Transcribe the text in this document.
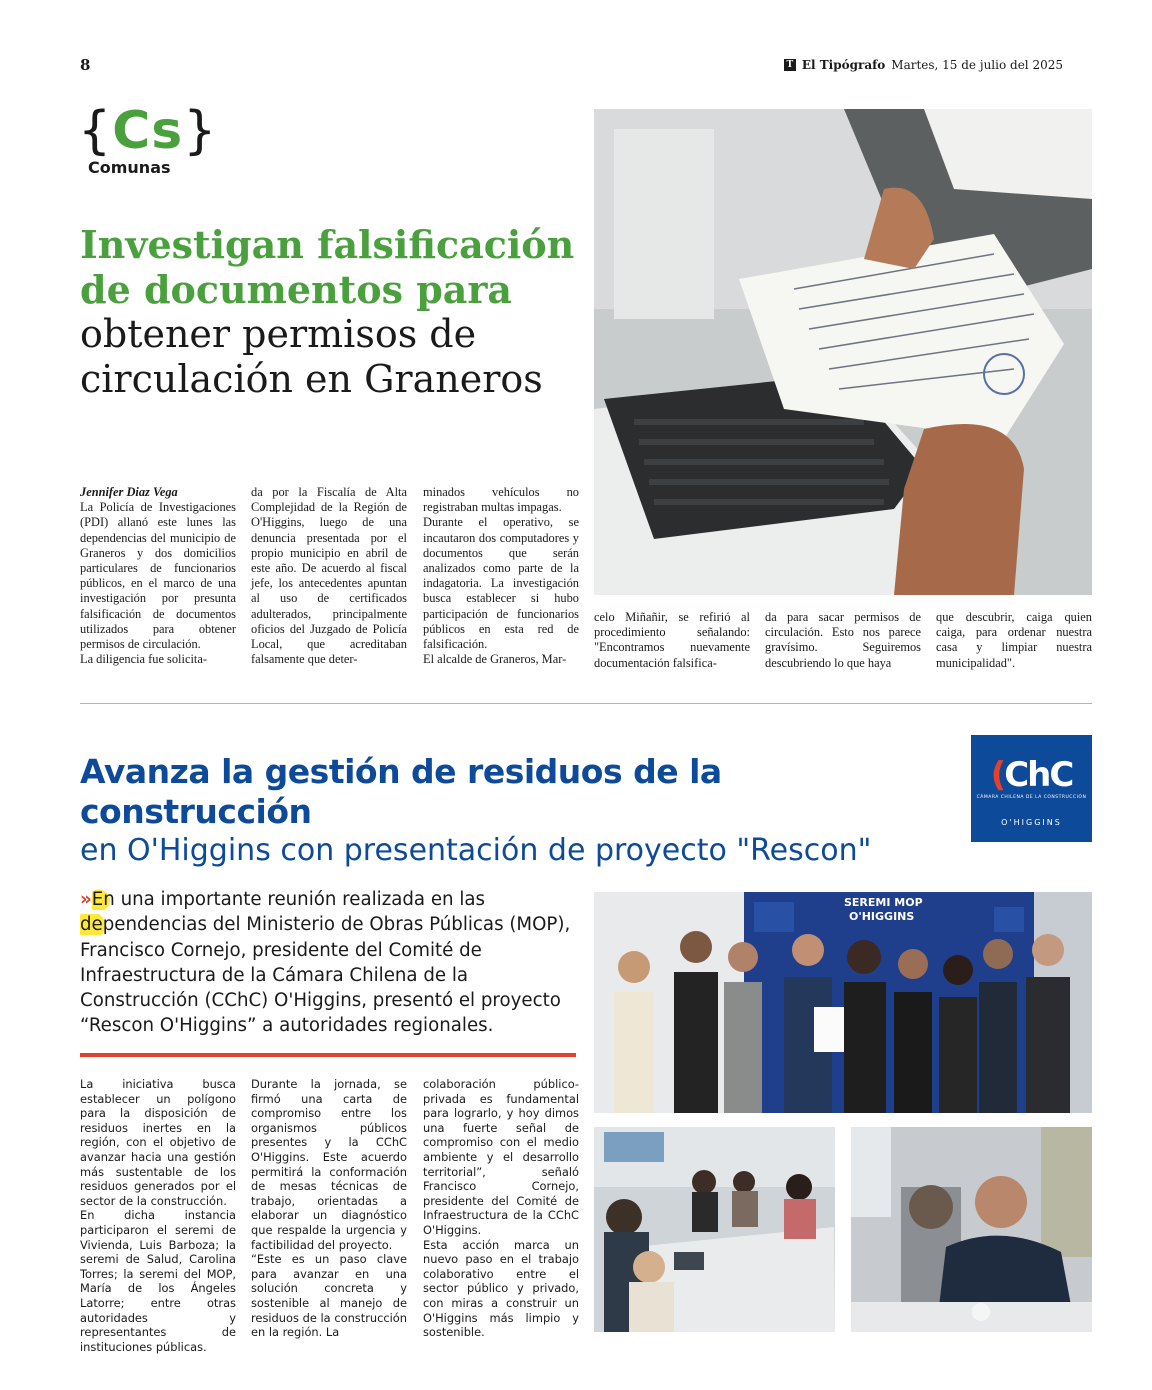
8	T El Tipógrafo Martes, 15 de julio del 2025
{Cs}
Comunas
Investigan falsificación
de documentos para
obtener permisos de
circulación en Graneros
Jennifer Diaz Vega
La Policía de Investigaciones (PDI) allanó este lunes las dependencias del municipio de Graneros y dos domicilios particulares de funcionarios públicos, en el marco de una investigación por presunta falsificación de documentos utilizados para obtener permisos de circulación.
La diligencia fue solicita-
da por la Fiscalía de Alta Complejidad de la Región de O'Higgins, luego de una denuncia presentada por el propio municipio en abril de este año. De acuerdo al fiscal jefe, los antecedentes apuntan al uso de certificados adulterados, principalmente oficios del Juzgado de Policía Local, que acreditaban falsamente que deter-
minados vehículos no registraban multas impagas.
Durante el operativo, se incautaron dos computadores y documentos que serán analizados como parte de la indagatoria. La investigación busca establecer si hubo participación de funcionarios públicos en esta red de falsificación.
El alcalde de Graneros, Mar-
celo Miñañir, se refirió al procedimiento señalando: "Encontramos nuevamente documentación falsifica-
da para sacar permisos de circulación. Esto nos parece gravísimo. Seguiremos descubriendo lo que haya
que descubrir, caiga quien caiga, para ordenar nuestra casa y limpiar nuestra municipalidad".
Avanza la gestión de residuos de la construcción
en O'Higgins con presentación de proyecto "Rescon"
(ChC
CÁMARA CHILENA DE LA CONSTRUCCIÓN
O'HIGGINS
»En una importante reunión realizada en las dependencias del Ministerio de Obras Públicas (MOP), Francisco Cornejo, presidente del Comité de Infraestructura de la Cámara Chilena de la Construcción (CChC) O'Higgins, presentó el proyecto “Rescon O'Higgins” a autoridades regionales.
La iniciativa busca establecer un polígono para la disposición de residuos inertes en la región, con el objetivo de avanzar hacia una gestión más sustentable de los residuos generados por el sector de la construcción.
En dicha instancia participaron el seremi de Vivienda, Luis Barboza; la seremi de Salud, Carolina Torres; la seremi del MOP, María de los Ángeles Latorre; entre otras autoridades y representantes de instituciones públicas.
Durante la jornada, se firmó una carta de compromiso entre los organismos públicos presentes y la CChC O'Higgins. Este acuerdo permitirá la conformación de mesas técnicas de trabajo, orientadas a elaborar un diagnóstico que respalde la urgencia y factibilidad del proyecto.
“Este es un paso clave para avanzar en una solución concreta y sostenible al manejo de residuos de la construcción en la región. La
colaboración público-privada es fundamental para lograrlo, y hoy dimos una fuerte señal de compromiso con el medio ambiente y el desarrollo territorial”, señaló Francisco Cornejo, presidente del Comité de Infraestructura de la CChC O'Higgins.
Esta acción marca un nuevo paso en el trabajo colaborativo entre el sector público y privado, con miras a construir un O'Higgins más limpio y sostenible.
SEREMI MOP
O'HIGGINS
